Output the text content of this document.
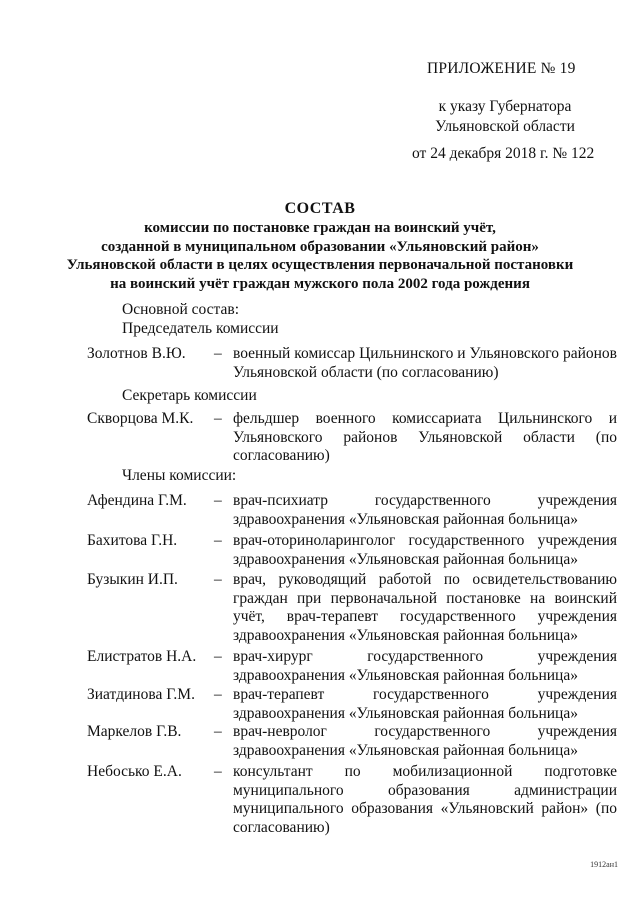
ПРИЛОЖЕНИЕ № 19
к указу Губернатора
Ульяновской области
от 24 декабря 2018 г. № 122
СОСТАВ
комиссии по постановке граждан на воинский учёт,
созданной в муниципальном образовании «Ульяновский район»
Ульяновской области в целях осуществления первоначальной постановки
на воинский учёт граждан мужского пола 2002 года рождения
Основной состав:
Председатель комиссии
Золотнов В.Ю.	– военный комиссар Цильнинского и Ульяновского районов Ульяновской области (по согласованию)
Секретарь комиссии
Скворцова М.К.	– фельдшер военного комиссариата Цильнинского и Ульяновского районов Ульяновской области (по согласованию)
Члены комиссии:
Афендина Г.М.	– врач-психиатр государственного учреждения здравоохранения «Ульяновская районная больница»
Бахитова Г.Н.	– врач-оториноларинголог государственного учреждения здравоохранения «Ульяновская районная больница»
Бузыкин И.П.	– врач, руководящий работой по освидетельствованию граждан при первоначальной постановке на воинский учёт, врач-терапевт государственного учреждения здравоохранения «Ульяновская районная больница»
Елистратов Н.А.	– врач-хирург государственного учреждения здравоохранения «Ульяновская районная больница»
Зиатдинова Г.М.	– врач-терапевт государственного учреждения здравоохранения «Ульяновская районная больница»
Маркелов Г.В.	– врач-невролог государственного учреждения здравоохранения «Ульяновская районная больница»
Небосько Е.А.	– консультант по мобилизационной подготовке муниципального образования администрации муниципального образования «Ульяновский район» (по согласованию)
1912ан1
